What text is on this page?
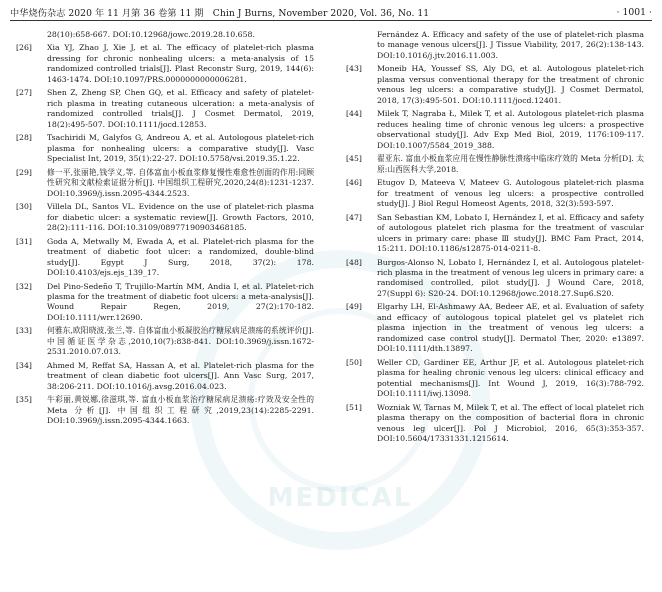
MEDICAL
中华烧伤杂志 2020 年 11 月第 36 卷第 11 期　Chin J Burns, November 2020, Vol. 36, No. 11	· 1001 ·
28(10):658-667. DOI:10.12968/jowc.2019.28.10.658.
[26]	Xia YJ, Zhao J, Xie J, et al. The efficacy of platelet-rich plasma dressing for chronic nonhealing ulcers: a meta-analysis of 15 randomized controlled trials[J]. Plast Reconstr Surg, 2019, 144(6): 1463-1474. DOI:10.1097/PRS.0000000000006281.
[27]	Shen Z, Zheng SP, Chen GQ, et al. Efficacy and safety of platelet-rich plasma in treating cutaneous ulceration: a meta-analysis of randomized controlled trials[J]. J Cosmet Dermatol, 2019, 18(2):495-507. DOI:10.1111/jocd.12853.
[28]	Tsachiridi M, Galyfos G, Andreou A, et al. Autologous platelet-rich plasma for nonhealing ulcers: a comparative study[J]. Vasc Specialist Int, 2019, 35(1):22-27. DOI:10.5758/vsi.2019.35.1.22.
[29]	修一平,张丽艳,钱学义,等. 自体富血小板血浆修复慢性难愈性创面的作用:同顾性研究和文献检索证据分析[J]. 中国组织工程研究,2020,24(8):1231-1237. DOI:10.3969/j.issn.2095-4344.2523.
[30]	Villela DL, Santos VL. Evidence on the use of platelet-rich plasma for diabetic ulcer: a systematic review[J]. Growth Factors, 2010, 28(2):111-116. DOI:10.3109/08977190903468185.
[31]	Goda A, Metwally M, Ewada A, et al. Platelet-rich plasma for the treatment of diabetic foot ulcer: a randomized, double-blind study[J]. Egypt J Surg, 2018, 37(2): 178. DOI:10.4103/ejs.ejs_139_17.
[32]	Del Pino-Sedeño T, Trujillo-Martín MM, Andia I, et al. Platelet-rich plasma for the treatment of diabetic foot ulcers: a meta-analysis[J]. Wound Repair Regen, 2019, 27(2):170-182. DOI:10.1111/wrr.12690.
[33]	何雅东,欧阳晓波,张兰,等. 自体富血小板凝胶治疗糖尿病足溃疡的系统评价[J]. 中国循证医学杂志,2010,10(7):838-841. DOI:10.3969/j.issn.1672-2531.2010.07.013.
[34]	Ahmed M, Reffat SA, Hassan A, et al. Platelet-rich plasma for the treatment of clean diabetic foot ulcers[J]. Ann Vasc Surg, 2017, 38:206-211. DOI:10.1016/j.avsg.2016.04.023.
[35]	牛彩丽,黄锐娜,徐滋琪,等. 富血小板血浆治疗糖尿病足溃疡:疗效及安全性的 Meta 分析[J]. 中国组织工程研究,2019,23(14):2285-2291. DOI:10.3969/j.issn.2095-4344.1663.
Fernández A. Efficacy and safety of the use of platelet-rich plasma to manage venous ulcers[J]. J Tissue Viability, 2017, 26(2):138-143. DOI:10.1016/j.jtv.2016.11.003.
[43]	Moneib HA, Youssef SS, Aly DG, et al. Autologous platelet-rich plasma versus conventional therapy for the treatment of chronic venous leg ulcers: a comparative study[J]. J Cosmet Dermatol, 2018, 17(3):495-501. DOI:10.1111/jocd.12401.
[44]	Milek T, Nagraba Ł, Milek T, et al. Autologous platelet-rich plasma reduces healing time of chronic venous leg ulcers: a prospective observational study[J]. Adv Exp Med Biol, 2019, 1176:109-117. DOI:10.1007/5584_2019_388.
[45]	翟亚东. 富血小板血浆应用在慢性静脉性溃疡中临床疗效的 Meta 分析[D]. 太原:山西医科大学,2018.
[46]	Etugov D, Mateeva V, Mateev G. Autologous platelet-rich plasma for treatment of venous leg ulcers: a prospective controlled study[J]. J Biol Regul Homeost Agents, 2018, 32(3):593-597.
[47]	San Sebastian KM, Lobato I, Hernández I, et al. Efficacy and safety of autologous platelet rich plasma for the treatment of vascular ulcers in primary care: phase Ⅲ study[J]. BMC Fam Pract, 2014, 15:211. DOI:10.1186/s12875-014-0211-8.
[48]	Burgos-Alonso N, Lobato I, Hernández I, et al. Autologous platelet-rich plasma in the treatment of venous leg ulcers in primary care: a randomised controlled, pilot study[J]. J Wound Care, 2018, 27(Suppl 6): S20-24. DOI:10.12968/jowc.2018.27.Sup6.S20.
[49]	Elgarhy LH, El-Ashmawy AA, Bedeer AE, et al. Evaluation of safety and efficacy of autologous topical platelet gel vs platelet rich plasma injection in the treatment of venous leg ulcers: a randomized case control study[J]. Dermatol Ther, 2020: e13897. DOI:10.1111/dth.13897.
[50]	Weller CD, Gardiner EE, Arthur JF, et al. Autologous platelet-rich plasma for healing chronic venous leg ulcers: clinical efficacy and potential mechanisms[J]. Int Wound J, 2019, 16(3):788-792. DOI:10.1111/iwj.13098.
[51]	Wozniak W, Tarnas M, Milek T, et al. The effect of local platelet rich plasma therapy on the composition of bacterial flora in chronic venous leg ulcer[J]. Pol J Microbiol, 2016, 65(3):353-357. DOI:10.5604/17331331.1215614.
